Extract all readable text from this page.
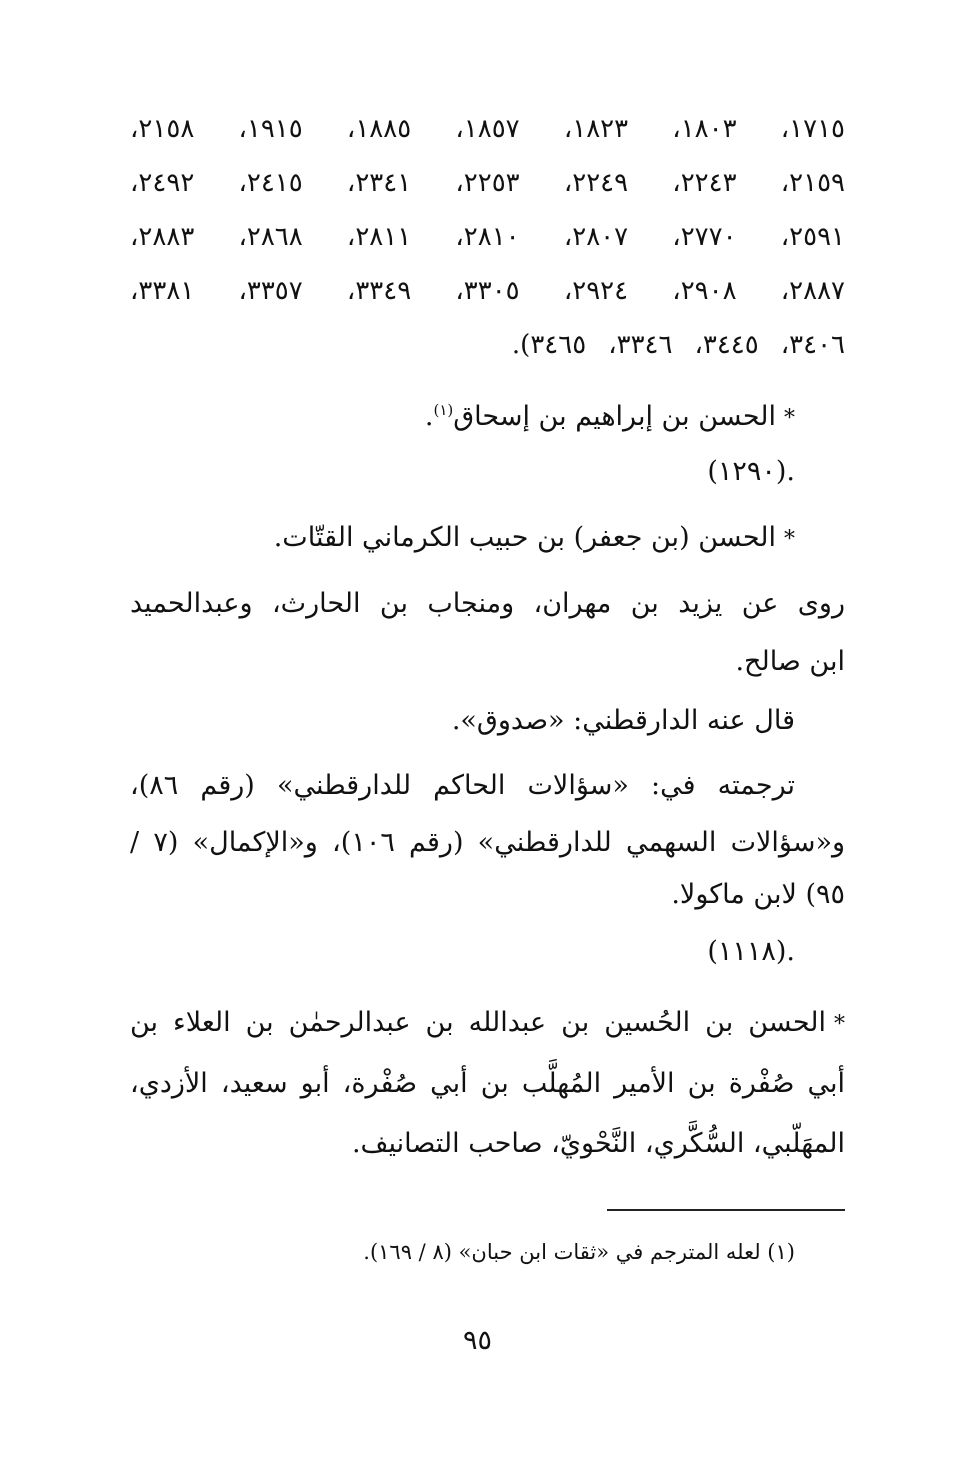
١٧١٥،
١٨٠٣،
١٨٢٣،
١٨٥٧،
١٨٨٥،
١٩١٥،
٢١٥٨،
٢١٥٩،
٢٢٤٣،
٢٢٤٩،
٢٢٥٣،
٢٣٤١،
٢٤١٥،
٢٤٩٢،
٢٥٩١،
٢٧٧٠،
٢٨٠٧،
٢٨١٠،
٢٨١١،
٢٨٦٨،
٢٨٨٣،
٢٨٨٧،
٢٩٠٨،
٢٩٢٤،
٣٣٠٥،
٣٣٤٩،
٣٣٥٧،
٣٣٨١،
٣٤٠٦،
٣٤٤٥،
٣٣٤٦،
٣٤٦٥).
*الحسن بن إبراهيم بن إسحاق$^{(١)}$.
.(١٢٩٠)
*الحسن (بن جعفر) بن حبيب الكرماني القتّات.
روى عن يزيد بن مهران، ومنجاب بن الحارث، وعبدالحميد
ابن صالح.
قال عنه الدارقطني: «صدوق».
ترجمته في: «سؤالات الحاكم للدارقطني» (رقم ٨٦)،
و«سؤالات السهمي للدارقطني» (رقم ١٠٦)، و«الإكمال» (٧ /
٩٥) لابن ماكولا.
.(١١١٨)
*الحسن بن الحُسين بن عبدالله بن عبدالرحمٰن بن العلاء بن
أبي صُفْرة بن الأمير المُهلَّب بن أبي صُفْرة، أبو سعيد، الأزدي،
المهَلّبي، السُّكَّري، النَّحْويّ، صاحب التصانيف.
(١) لعله المترجم في «ثقات ابن حبان» (٨ / ١٦٩).
٩٥
